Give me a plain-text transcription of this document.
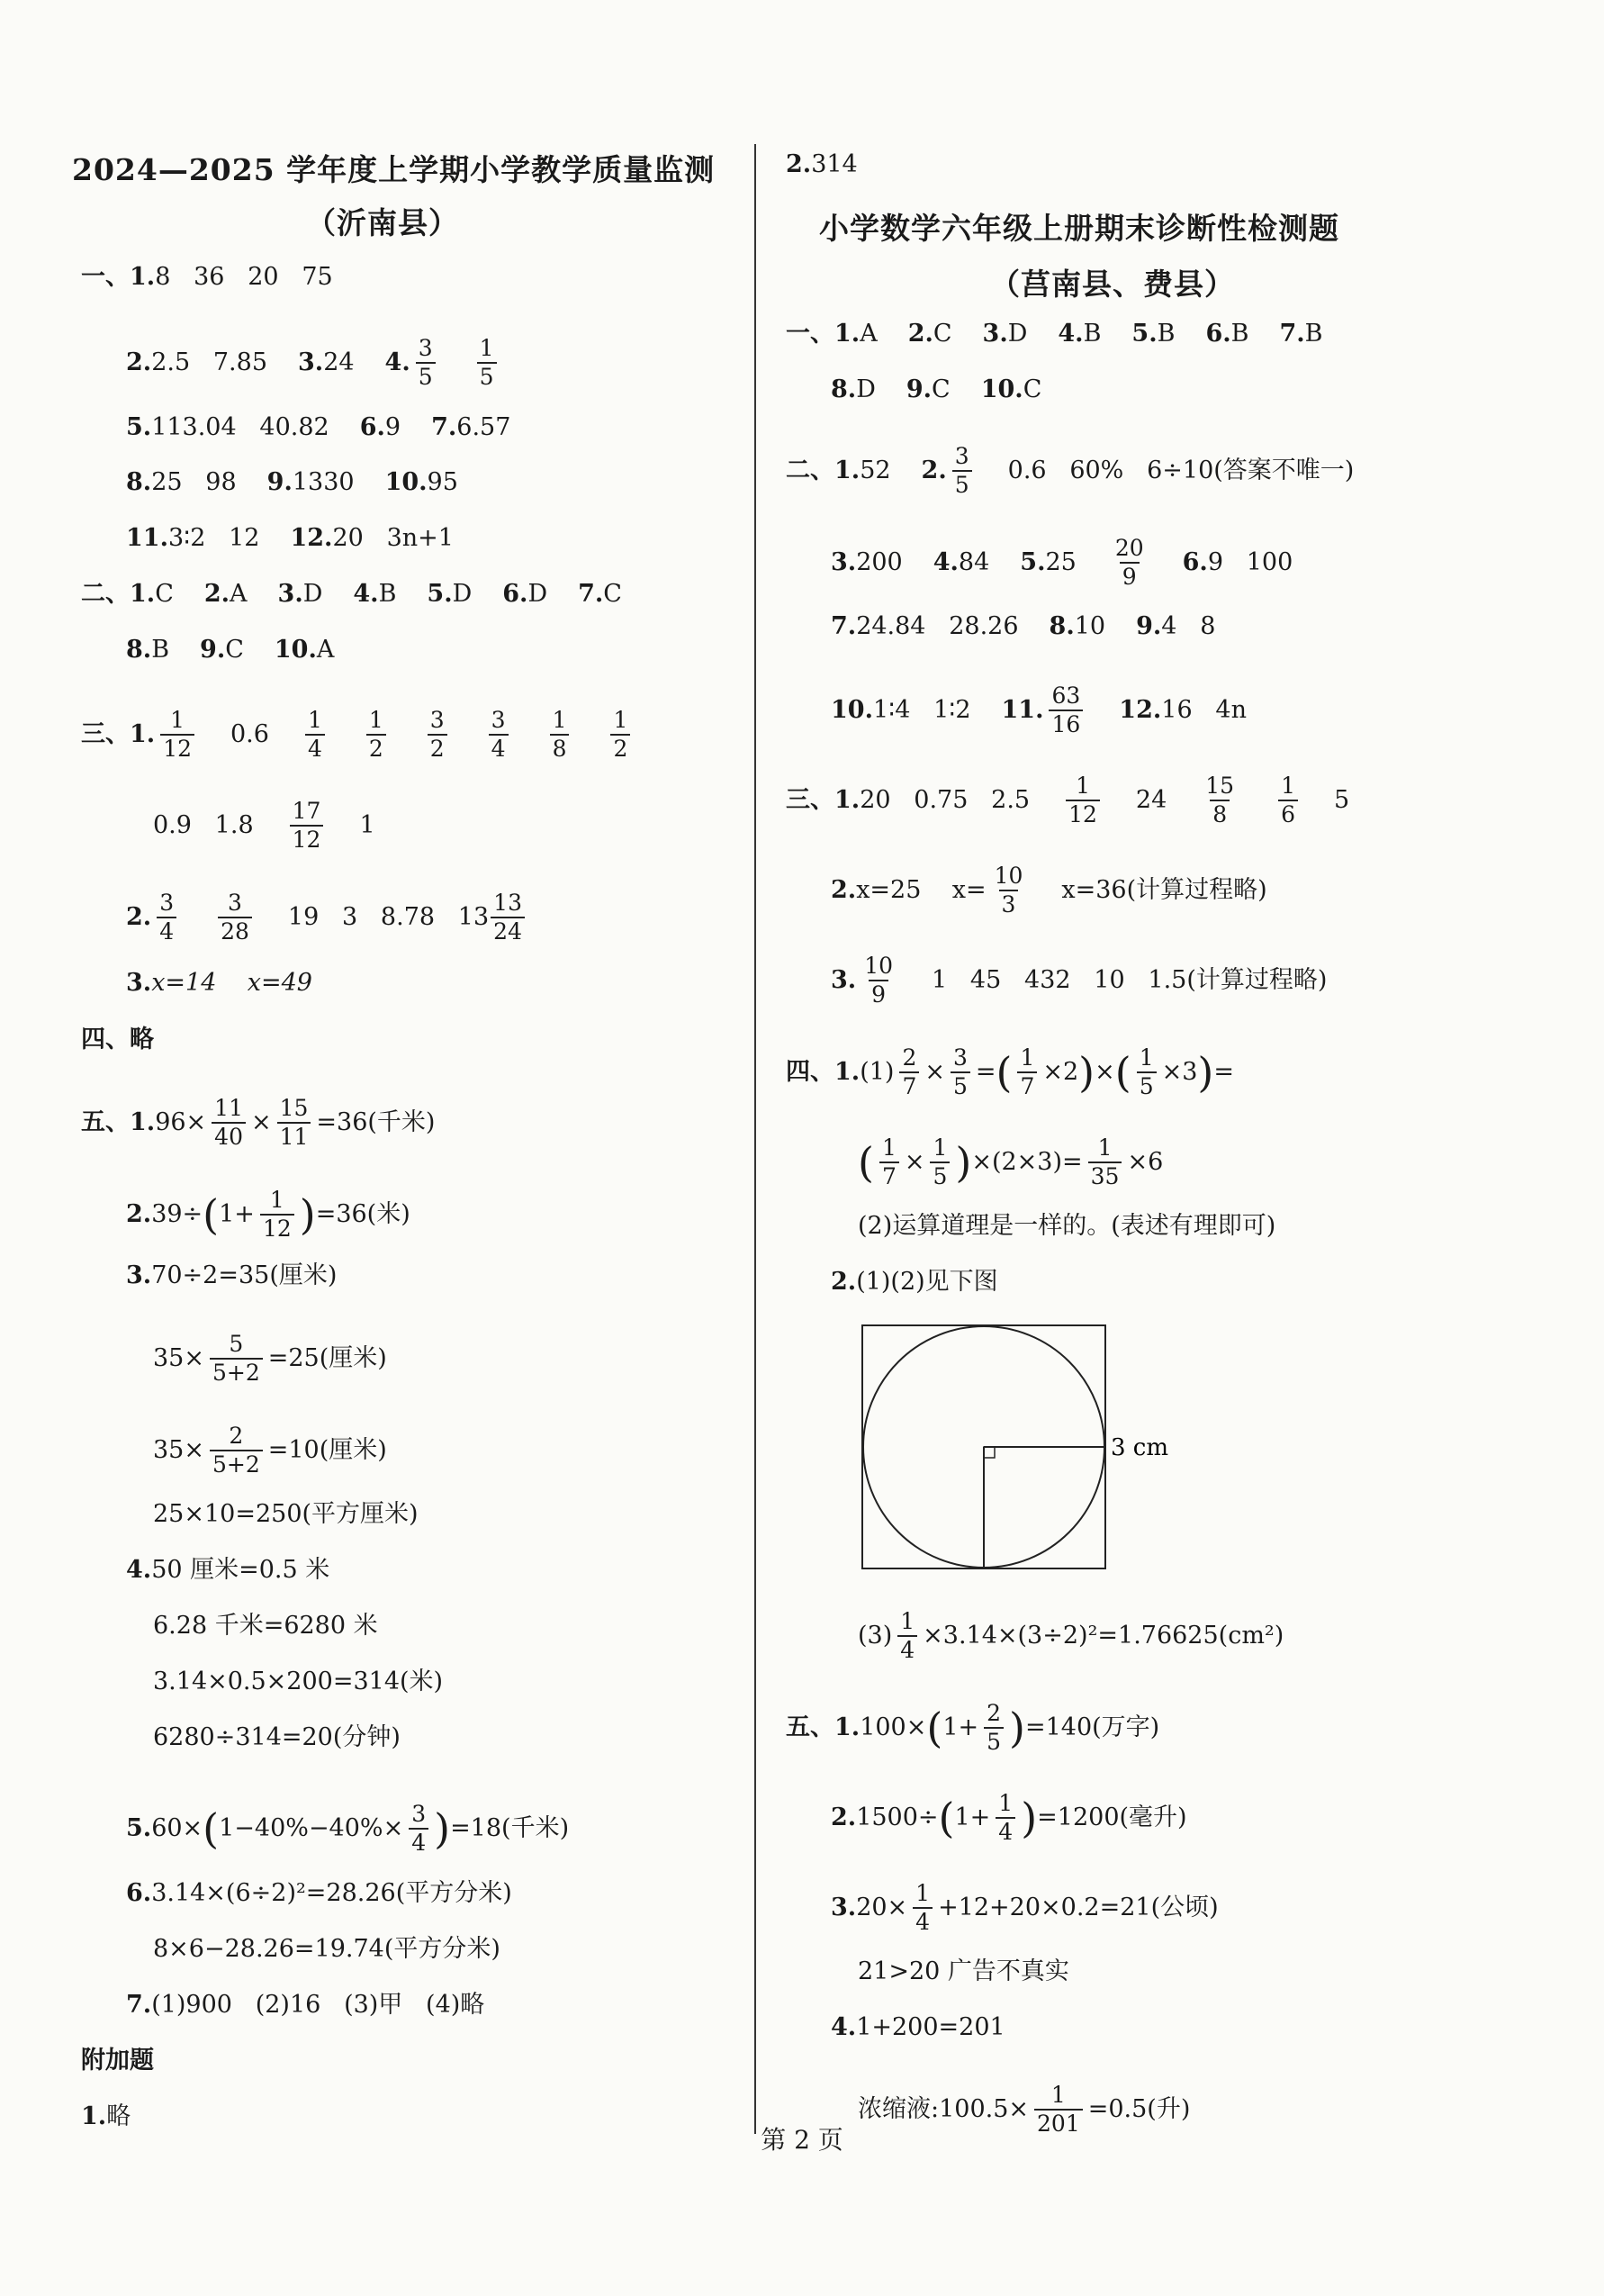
2024—2025 学年度上学期小学教学质量监测
（沂南县）
一、1. 8   36   20   75
2. 2.5   7.85 3. 24 4. $\frac{3}{5} \frac{1}{5}$
5. 113.04   40.82 6. 9 7. 6.57
8. 25   98 9. 1330 10. 95
11. 3∶2   12 12. 20   3n+1
二、1. C 2. A 3. D 4. B 5. D 6. D 7. C
8. B 9. C 10. A
三、1. $\frac{1}{12} 0.6 \frac{1}{4} \frac{1}{2} \frac{3}{2} \frac{3}{4} \frac{1}{8} \frac{1}{2}$
0.9   $1.8 \frac{17}{12} 1$
2. $\frac{3}{4} \frac{3}{28} 19$   3   8.78   $13 \frac{13}{24}$
3. x=14    x=49
四、略
五、1. $96\times \frac{11}{40} \times \frac{15}{11} =36$(千米)
2. 39÷ ( $1+ \frac{1}{12}$ ) =36(米)
3. 70÷2=35(厘米)
$35\times \frac{5}{5+2} =25$(厘米)
$35\times \frac{2}{5+2} =10$(厘米)
25×10=250(平方厘米)
4. 50 厘米=0.5 米
6.28 千米=6280 米
3.14×0.5×200=314(米)
6280÷314=20(分钟)
5. 60× ( $1-40\%-40\%\times \frac{3}{4}$ ) =18(千米)
6. 3.14×(6÷2)²=28.26(平方分米)
8×6−28.26=19.74(平方分米)
7. (1)900   (2)16   (3)甲   (4)略
附加题
1. 略
2. 314
小学数学六年级上册期末诊断性检测题
（莒南县、费县）
一、1. A 2. C 3. D 4. B 5. B 6. B 7. B
8. D 9. C 10. C
二、1. 52 2. $\frac{3}{5} 0.6$   60%   6÷10(答案不唯一)
3. 200 4. 84 5. $25 \frac{20}{9} 6$. 9   100
7. 24.84   28.26 8. 10 9. 4   8
10. 1∶4   1∶2 11. $\frac{63}{16} 12$. 16   4n
三、1. 20   0.75   $2.5 \frac{1}{12} 24 \frac{15}{8} \frac{1}{6} 5$
2. x=25    $x= \frac{10}{3} x=36$(计算过程略)
3. $\frac{10}{9} 1$   45   432   10   1.5(计算过程略)
四、1. $(1) \frac{2}{7} \times \frac{3}{5}$ = ( $\frac{1}{7} \times 2$ ) × ( $\frac{1}{5} \times 3$ ) =
( $\frac{1}{7} \times \frac{1}{5}$ ) $\times(2\times 3)= \frac{1}{35} \times 6$
(2)运算道理是一样的。(表述有理即可)
2. (1)(2)见下图
3 cm
$(3) \frac{1}{4} \times 3.14\times(3\div 2)^2=1.76625(cm^2)$
五、1. 100× ( $1+ \frac{2}{5}$ ) =140(万字)
2. 1500÷ ( $1+ \frac{1}{4}$ ) =1200(毫升)
3. $20\times \frac{1}{4} +12+20\times 0.2=21$(公顷)
21>20 广告不真实
4. 1+200=201
浓缩液:100.5× $\frac{1}{201} =0.5$(升)
第 2 页
